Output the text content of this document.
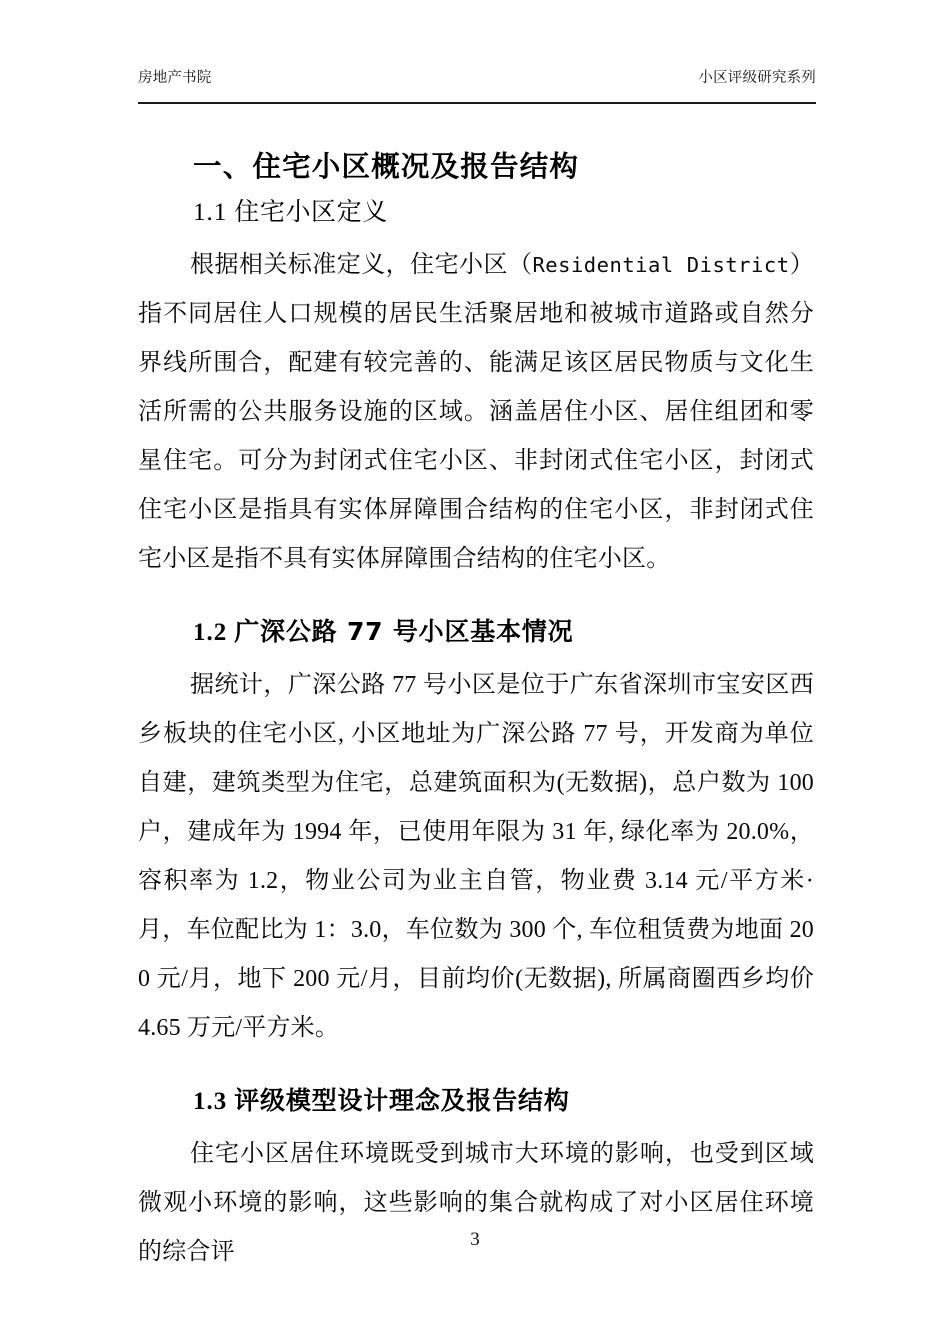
房地产书院	小区评级研究系列
一、住宅小区概况及报告结构
1.1 住宅小区定义

根据相关标准定义，住宅小区（Residential District）指不同居住人口规模的居民生活聚居地和被城市道路或自然分界线所围合，配建有较完善的、能满足该区居民物质与文化生活所需的公共服务设施的区域。涵盖居住小区、居住组团和零星住宅。可分为封闭式住宅小区、非封闭式住宅小区，封闭式住宅小区是指具有实体屏障围合结构的住宅小区，非封闭式住宅小区是指不具有实体屏障围合结构的住宅小区。

1.2 广深公路 77 号小区基本情况

据统计，广深公路 77 号小区是位于广东省深圳市宝安区西乡板块的住宅小区, 小区地址为广深公路 77 号，开发商为单位自建，建筑类型为住宅，总建筑面积为(无数据)，总户数为 100 户，建成年为 1994 年，已使用年限为 31 年, 绿化率为 20.0%，容积率为 1.2，物业公司为业主自管，物业费 3.14 元/平方米·月，车位配比为 1：3.0，车位数为 300 个, 车位租赁费为地面 200 元/月，地下 200 元/月，目前均价(无数据), 所属商圈西乡均价 4.65 万元/平方米。

1.3 评级模型设计理念及报告结构

住宅小区居住环境既受到城市大环境的影响，也受到区域微观小环境的影响，这些影响的集合就构成了对小区居住环境的综合评	3
